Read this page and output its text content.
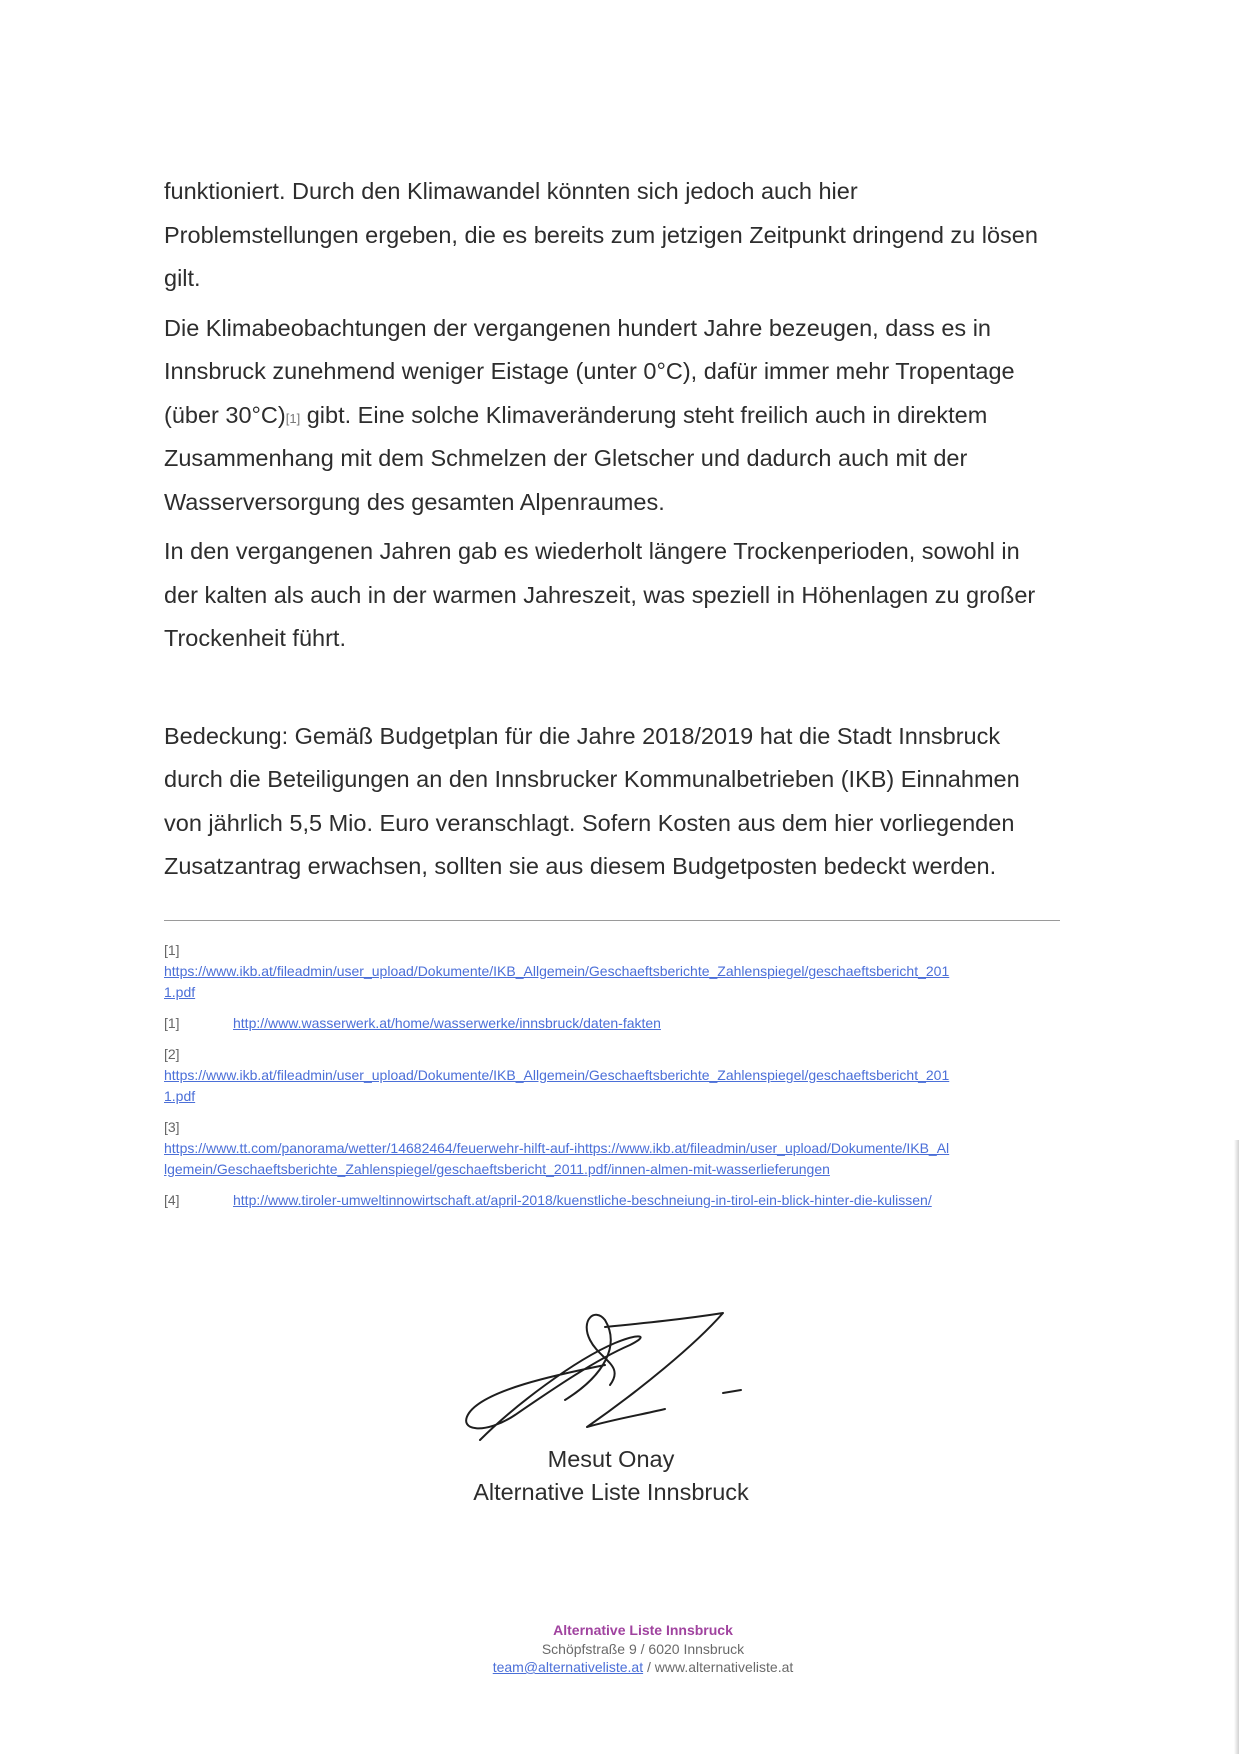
funktioniert. Durch den Klimawandel könnten sich jedoch auch hier
Problemstellungen ergeben, die es bereits zum jetzigen Zeitpunkt dringend zu lösen
gilt.
Die Klimabeobachtungen der vergangenen hundert Jahre bezeugen, dass es in
Innsbruck zunehmend weniger Eistage (unter 0°C), dafür immer mehr Tropentage
(über 30°C)[1] gibt. Eine solche Klimaveränderung steht freilich auch in direktem
Zusammenhang mit dem Schmelzen der Gletscher und dadurch auch mit der
Wasserversorgung des gesamten Alpenraumes.
In den vergangenen Jahren gab es wiederholt längere Trockenperioden, sowohl in
der kalten als auch in der warmen Jahreszeit, was speziell in Höhenlagen zu großer
Trockenheit führt.
Bedeckung: Gemäß Budgetplan für die Jahre 2018/2019 hat die Stadt Innsbruck
durch die Beteiligungen an den Innsbrucker Kommunalbetrieben (IKB) Einnahmen
von jährlich 5,5 Mio. Euro veranschlagt. Sofern Kosten aus dem hier vorliegenden
Zusatzantrag erwachsen, sollten sie aus diesem Budgetposten bedeckt werden.
[1]
https://www.ikb.at/fileadmin/user_upload/Dokumente/IKB_Allgemein/Geschaeftsberichte_Zahlenspiegel/geschaeftsbericht_201
1.pdf
[1]	http://www.wasserwerk.at/home/wasserwerke/innsbruck/daten-fakten
[2]
https://www.ikb.at/fileadmin/user_upload/Dokumente/IKB_Allgemein/Geschaeftsberichte_Zahlenspiegel/geschaeftsbericht_201
1.pdf
[3]
https://www.tt.com/panorama/wetter/14682464/feuerwehr-hilft-auf-ihttps://www.ikb.at/fileadmin/user_upload/Dokumente/IKB_Al
lgemein/Geschaeftsberichte_Zahlenspiegel/geschaeftsbericht_2011.pdf/innen-almen-mit-wasserlieferungen
[4]	http://www.tiroler-umweltinnowirtschaft.at/april-2018/kuenstliche-beschneiung-in-tirol-ein-blick-hinter-die-kulissen/
Mesut Onay
Alternative Liste Innsbruck
Alternative Liste Innsbruck
Schöpfstraße 9 / 6020 Innsbruck
team@alternativeliste.at / www.alternativeliste.at
